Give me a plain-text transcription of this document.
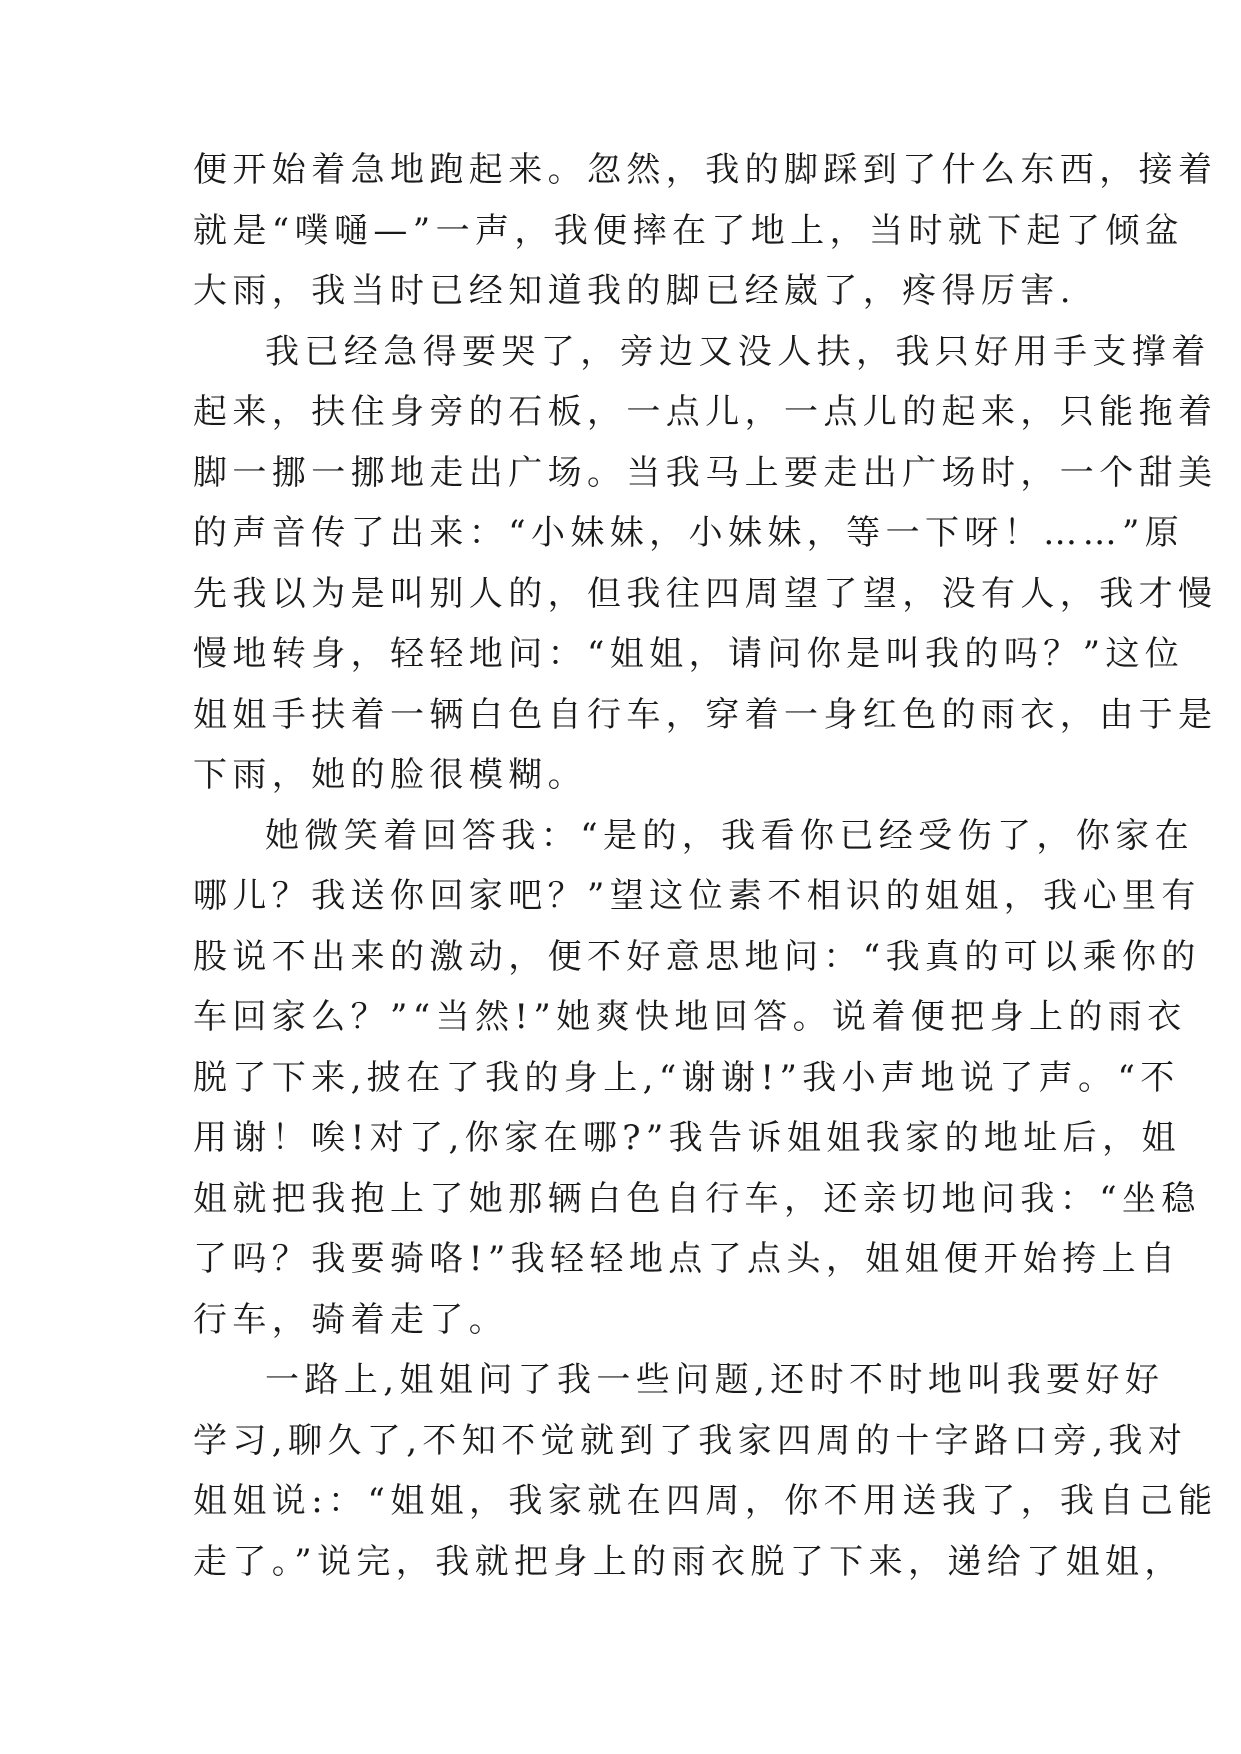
便开始着急地跑起来。忽然，我的脚踩到了什么东西，接着
就是“噗嗵—”一声，我便摔在了地上，当时就下起了倾盆
大雨，我当时已经知道我的脚已经崴了，疼得厉害.
我已经急得要哭了，旁边又没人扶，我只好用手支撑着
起来，扶住身旁的石板，一点儿，一点儿的起来，只能拖着
脚一挪一挪地走出广场。当我马上要走出广场时，一个甜美
的声音传了出来：“小妹妹，小妹妹，等一下呀！……”原
先我以为是叫别人的，但我往四周望了望，没有人，我才慢
慢地转身，轻轻地问：“姐姐，请问你是叫我的吗？”这位
姐姐手扶着一辆白色自行车，穿着一身红色的雨衣，由于是
下雨，她的脸很模糊。
她微笑着回答我：“是的，我看你已经受伤了，你家在
哪儿？我送你回家吧？”望这位素不相识的姐姐，我心里有
股说不出来的激动，便不好意思地问：“我真的可以乘你的
车回家么？”“当然!”她爽快地回答。说着便把身上的雨衣
脱了下来,披在了我的身上,“谢谢!”我小声地说了声。“不
用谢！唉!对了,你家在哪?”我告诉姐姐我家的地址后，姐
姐就把我抱上了她那辆白色自行车，还亲切地问我：“坐稳
了吗？我要骑咯!”我轻轻地点了点头，姐姐便开始挎上自
行车，骑着走了。
一路上,姐姐问了我一些问题,还时不时地叫我要好好
学习,聊久了,不知不觉就到了我家四周的十字路口旁,我对
姐姐说:：“姐姐，我家就在四周，你不用送我了，我自己能
走了。”说完，我就把身上的雨衣脱了下来，递给了姐姐，
